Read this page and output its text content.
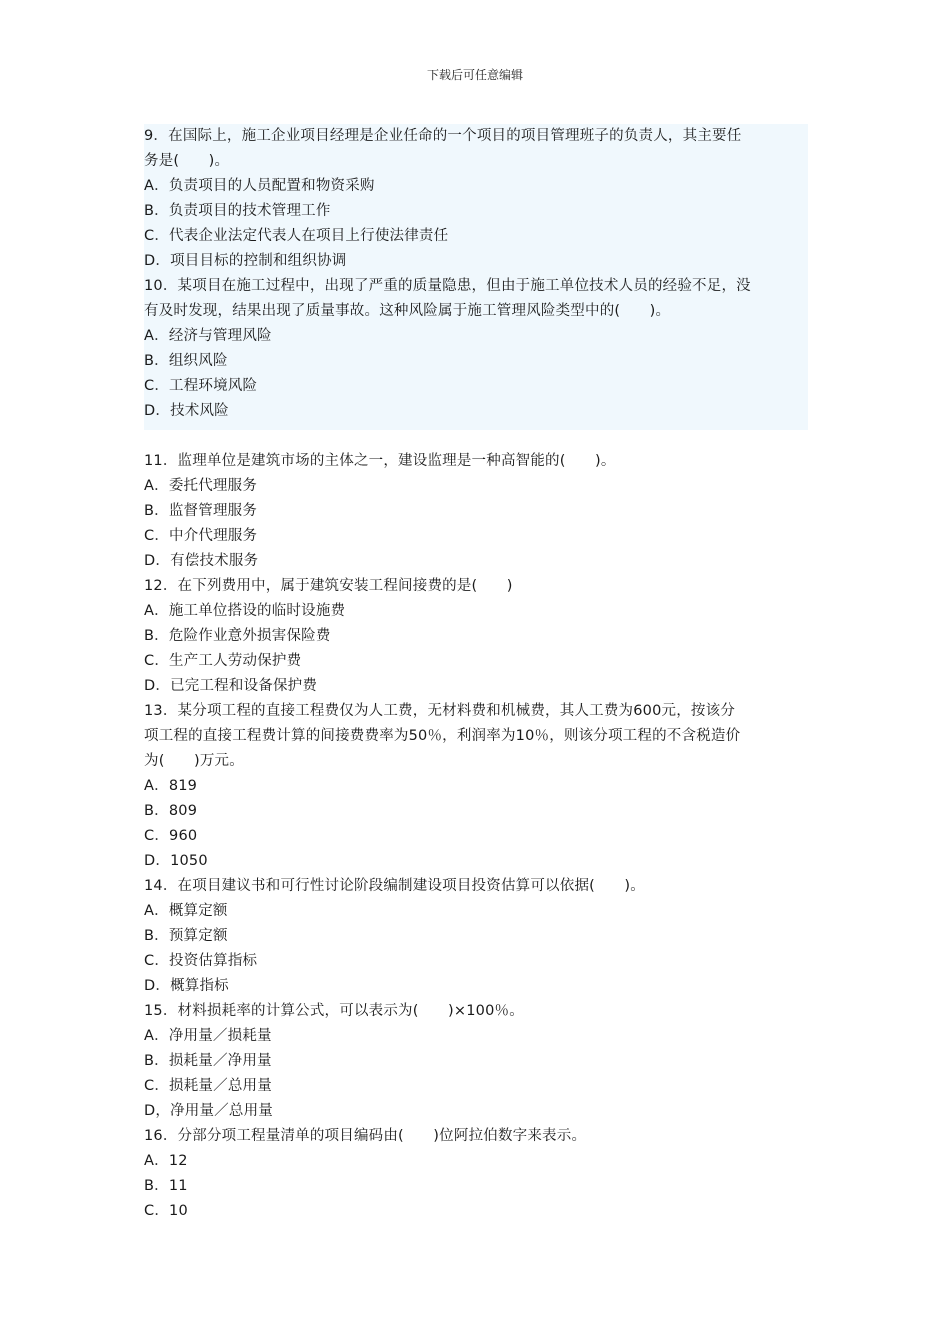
下载后可任意编辑
9．在国际上，施工企业项目经理是企业任命的一个项目的项目管理班子的负责人，其主要任
务是(　　)。
A．负责项目的人员配置和物资采购
B．负责项目的技术管理工作
C．代表企业法定代表人在项目上行使法律责任
D．项目目标的控制和组织协调
10．某项目在施工过程中，出现了严重的质量隐患，但由于施工单位技术人员的经验不足，没
有及时发现，结果出现了质量事故。这种风险属于施工管理风险类型中的(　　)。
A．经济与管理风险
B．组织风险
C．工程环境风险
D．技术风险
11．监理单位是建筑市场的主体之一，建设监理是一种高智能的(　　)。
A．委托代理服务
B．监督管理服务
C．中介代理服务
D．有偿技术服务
12．在下列费用中，属于建筑安装工程间接费的是(　　)
A．施工单位搭设的临时设施费
B．危险作业意外损害保险费
C．生产工人劳动保护费
D．已完工程和设备保护费
13．某分项工程的直接工程费仅为人工费，无材料费和机械费，其人工费为600元，按该分
项工程的直接工程费计算的间接费费率为50％，利润率为10％，则该分项工程的不含税造价
为(　　)万元。
A．819
B．809
C．960
D．1050
14．在项目建议书和可行性讨论阶段编制建设项目投资估算可以依据(　　)。
A．概算定额
B．预算定额
C．投资估算指标
D．概算指标
15．材料损耗率的计算公式，可以表示为(　　)×100％。
A．净用量／损耗量
B．损耗量／净用量
C．损耗量／总用量
D，净用量／总用量
16．分部分项工程量清单的项目编码由(　　)位阿拉伯数字来表示。
A．12
B．11
C．10
